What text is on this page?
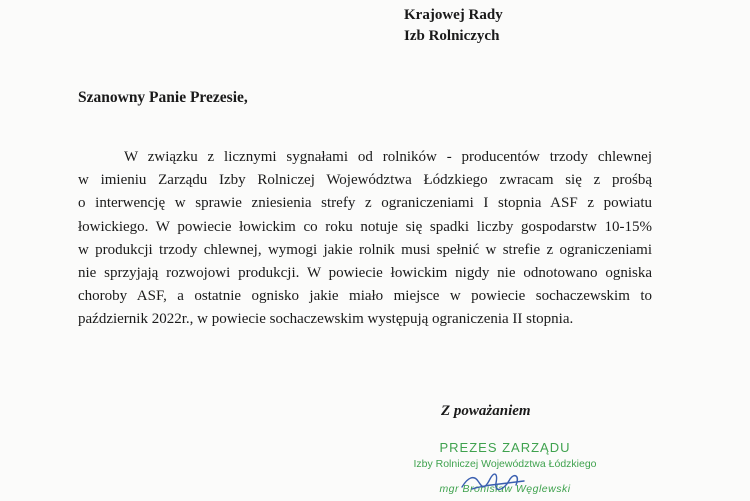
Krajowej Rady
Izb Rolniczych
Szanowny Panie Prezesie,
W związku z licznymi sygnałami od rolników - producentów trzody chlewnej
w imieniu Zarządu Izby Rolniczej Województwa Łódzkiego zwracam się z prośbą
o interwencję w sprawie zniesienia strefy z ograniczeniami I stopnia ASF z powiatu
łowickiego. W powiecie łowickim co roku notuje się spadki liczby gospodarstw 10-15%
w produkcji trzody chlewnej, wymogi jakie rolnik musi spełnić w strefie z ograniczeniami
nie sprzyjają rozwojowi produkcji. W powiecie łowickim nigdy nie odnotowano ogniska
choroby ASF, a ostatnie ognisko jakie miało miejsce w powiecie sochaczewskim to
październik 2022r., w powiecie sochaczewskim występują ograniczenia II stopnia.
Z poważaniem
PREZES ZARZĄDU
Izby Rolniczej Województwa Łódzkiego
mgr Bronisław Węglewski
